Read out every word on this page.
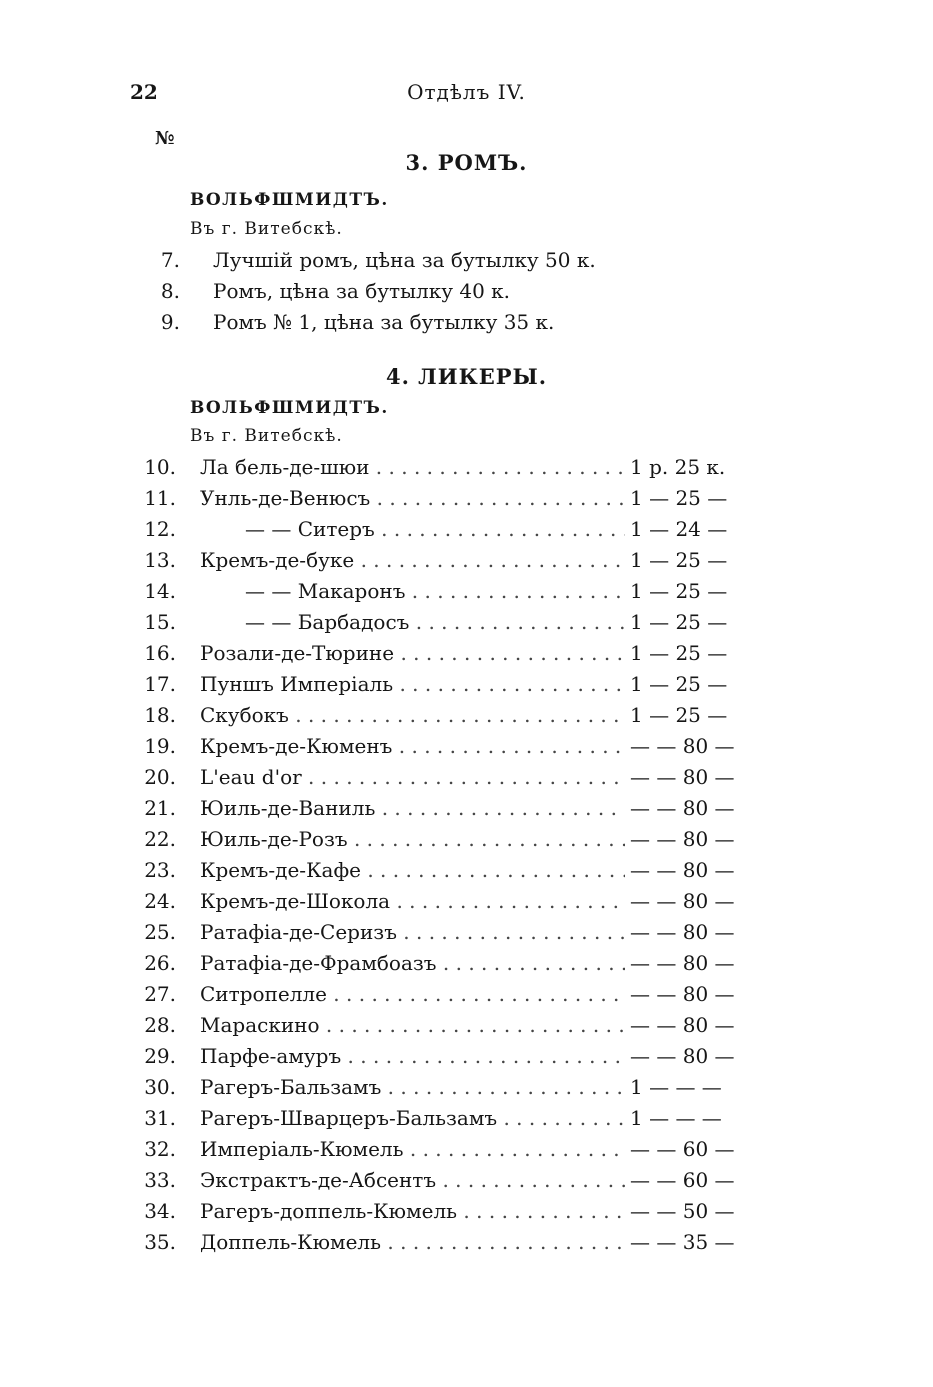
22	Отдѣлъ IV.
№
3. РОМЪ.
ВОЛЬФШМИДТЪ.
Въ г. Витебскѣ.
7. Лучшій ромъ, цѣна за бутылку 50 к.
8. Ромъ, цѣна за бутылку 40 к.
9. Ромъ № 1, цѣна за бутылку 35 к.
4. ЛИКЕРЫ.
ВОЛЬФШМИДТЪ.
Въ г. Витебскѣ.
10. Ла бель-де-шюи . . .	1 р. 25 к.
11. Унль-де-Венюсъ . . .	1 — 25 —
12.	— — Ситеръ . . .	1 — 24 —
13. Кремъ-де-буке . . .	1 — 25 —
14.	— — Макаронъ . . .	1 — 25 —
15.	— — Барбадосъ . . .	1 — 25 —
16. Розали-де-Тюрине . . .	1 — 25 —
17. Пуншъ Имперіаль . . .	1 — 25 —
18. Скубокъ . . .	1 — 25 —
19. Кремъ-де-Кюменъ . . .	— — 80 —
20. L'eau d'or . . .	— — 80 —
21. Юиль-де-Ваниль . . .	— — 80 —
22. Юиль-де-Розъ . . .	— — 80 —
23. Кремъ-де-Кафе . . .	— — 80 —
24. Кремъ-де-Шокола . . .	— — 80 —
25. Ратафіа-де-Серизъ . . .	— — 80 —
26. Ратафіа-де-Фрамбоазъ . . .	— — 80 —
27. Ситропелле . . .	— — 80 —
28. Мараскино . . .	— — 80 —
29. Парфе-амуръ . . .	— — 80 —
30. Рагеръ-Бальзамъ . . .	1 — — —
31. Рагеръ-Шварцеръ-Бальзамъ . . .	1 — — —
32. Имперіаль-Кюмель . . .	— — 60 —
33. Экстрактъ-де-Абсентъ . . .	— — 60 —
34. Рагеръ-доппель-Кюмель . . .	— — 50 —
35. Доппель-Кюмель . . .	— — 35 —
